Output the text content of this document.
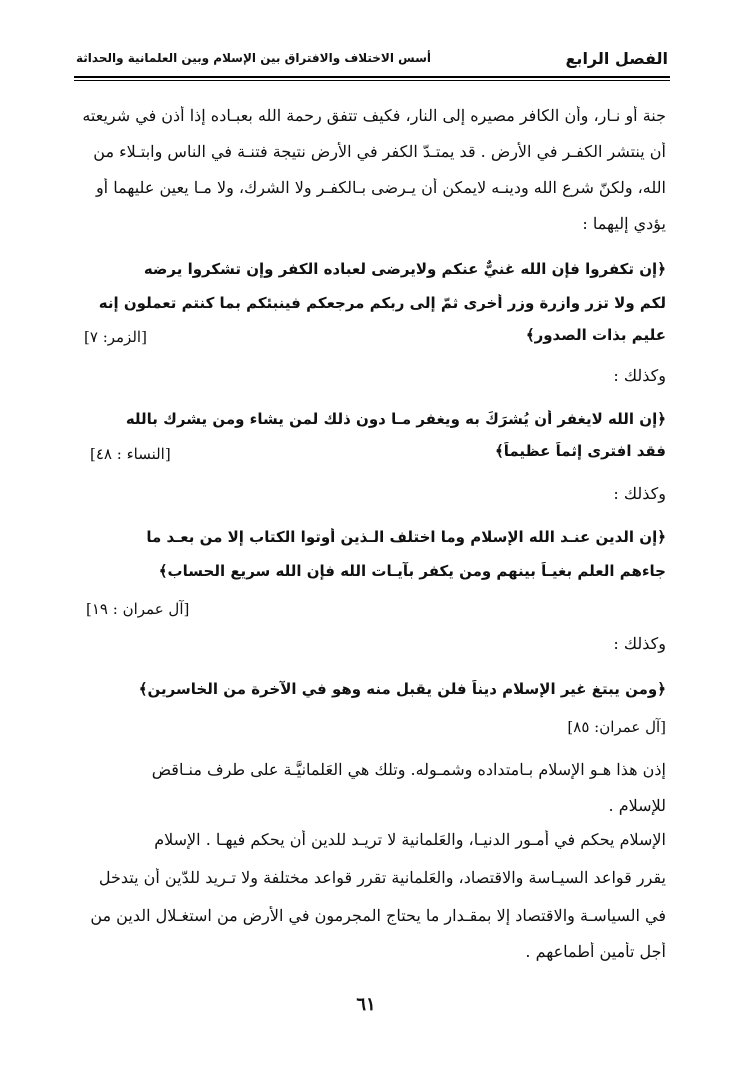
الفصل الرابع
أسس الاختلاف والافتراق بين الإسلام وبين العلمانية والحداثة
جنة أو نـار، وأن الكافر مصيره إلى النار، فكيف تتفق رحمة الله بعبـاده إذا أذن في شريعته
أن ينتشر الكفـر في الأرض . قد يمتـدّ الكفر في الأرض نتيجة فتنـة في الناس وابتـلاء من
الله، ولكنّ شرع الله ودينـه لايمكن أن يـرضى بـالكفـر ولا الشرك، ولا مـا يعين عليهما أو
يؤدي إليهما :
﴿إن تكفروا فإن الله غنيٌّ عنكم ولايرضى لعباده الكفر وإن تشكروا يرضه
لكم ولا تزر وازرة وزر أخرى ثمّ إلى ربكم مرجعكم فينبئكم بما كنتم تعملون إنه
عليم بذات الصدور﴾
[الزمر: ٧]
وكذلك :
﴿إن الله لايغفر أن يُشرَكَ به ويغفر مـا دون ذلك لمن يشاء ومن يشرك بالله
فقد افترى إثماً عظيماً﴾
[النساء : ٤٨]
وكذلك :
﴿إن الدين عنـد الله الإسلام وما اختلف الـذين أوتوا الكتاب إلا من بعـد ما
جاءهم العلم بغيـاً بينهم ومن يكفر بآيـات الله فإن الله سريع الحساب﴾
[آل عمران : ١٩]
وكذلك :
﴿ومن يبتغ غير الإسلام ديناً فلن يقبل منه وهو في الآخرة من الخاسرين﴾
[آل عمران: ٨٥]
إذن هذا هـو الإسلام بـامتداده وشمـوله. وتلك هي العَلمانيَّـة على طرف منـاقض
للإسلام .
الإسلام يحكم في أمـور الدنيـا، والعَلمانية لا تريـد للدين أن يحكم فيهـا . الإسلام
يقرر قواعد السيـاسة والاقتصاد، والعَلمانية تقرر قواعد مختلفة ولا تـريد للدّين أن يتدخل
في السياسـة والاقتصاد إلا بمقـدار ما يحتاج المجرمون في الأرض من استغـلال الدين من
أجل تأمين أطماعهم .
٦١
